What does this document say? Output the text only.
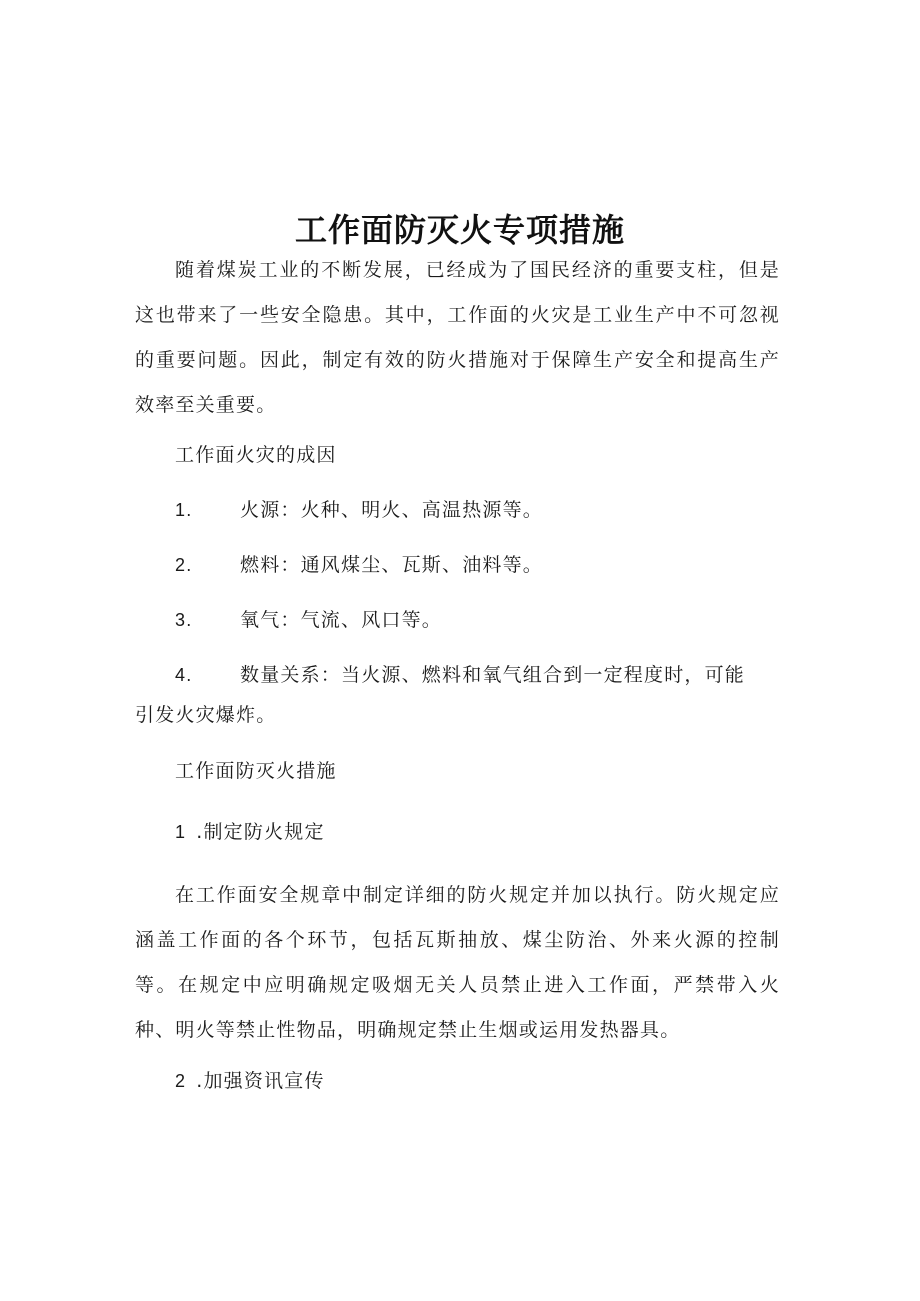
工作面防灭火专项措施

随着煤炭工业的不断发展，已经成为了国民经济的重要支柱，但是这也带来了一些安全隐患。其中，工作面的火灾是工业生产中不可忽视的重要问题。因此，制定有效的防火措施对于保障生产安全和提高生产效率至关重要。

工作面火灾的成因
1.	火源：火种、明火、高温热源等。
2.	燃料：通风煤尘、瓦斯、油料等。
3.	氧气：气流、风口等。
4.	数量关系：当火源、燃料和氧气组合到一定程度时，可能
引发火灾爆炸。
工作面防灭火措施
1 .制定防火规定

在工作面安全规章中制定详细的防火规定并加以执行。防火规定应涵盖工作面的各个环节，包括瓦斯抽放、煤尘防治、外来火源的控制等。在规定中应明确规定吸烟无关人员禁止进入工作面，严禁带入火种、明火等禁止性物品，明确规定禁止生烟或运用发热器具。

2 .加强资讯宣传
